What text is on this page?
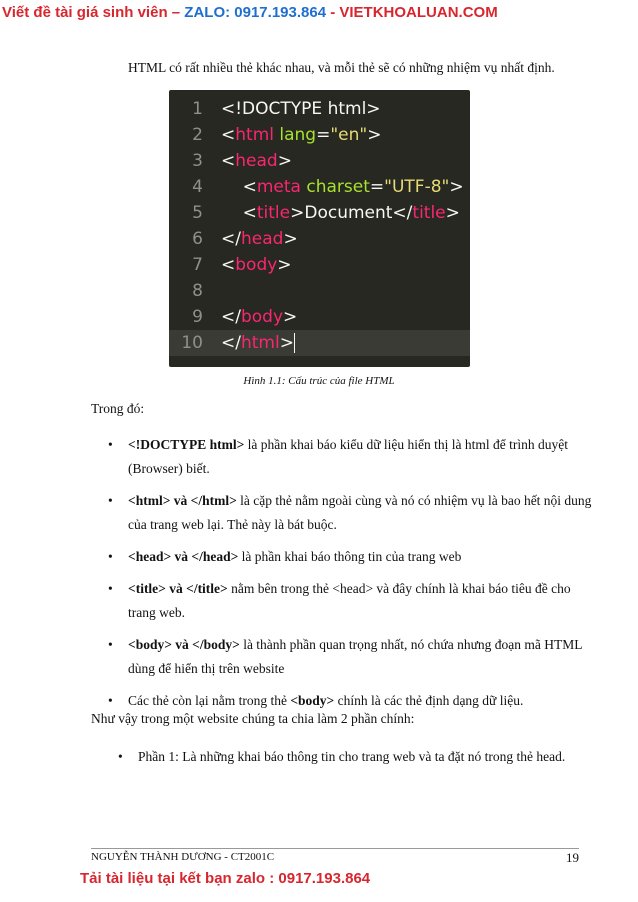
Viết đề tài giá sinh viên – ZALO: 0917.193.864 - VIETKHOALUAN.COM
HTML có rất nhiều thẻ khác nhau, và mỗi thẻ sẽ có những nhiệm vụ nhất định.
1 <!DOCTYPE html>
2 <html lang="en">
3 <head>
4 <meta charset="UTF-8">
5 <title>Document</title>
6 </head>
7 <body>
8
9 </body>
10 </html>
Hình 1.1: Cấu trúc của file HTML
Trong đó:
• <!DOCTYPE html> là phần khai báo kiểu dữ liệu hiển thị là html để trình duyệt (Browser) biết.
• <html> và </html> là cặp thẻ nằm ngoài cùng và nó có nhiệm vụ là bao hết nội dung của trang web lại. Thẻ này là bát buộc.
• <head> và </head> là phần khai báo thông tin của trang web
• <title> và </title> nằm bên trong thẻ <head> và đây chính là khai báo tiêu đề cho trang web.
• <body> và </body> là thành phần quan trọng nhất, nó chứa nhưng đoạn mã HTML dùng để hiển thị trên website
• Các thẻ còn lại nằm trong thẻ <body> chính là các thẻ định dạng dữ liệu.
Như vậy trong một website chúng ta chia làm 2 phần chính:
• Phần 1: Là những khai báo thông tin cho trang web và ta đặt nó trong thẻ head.
NGUYỄN THÀNH DƯƠNG - CT2001C	19
Tải tài liệu tại kết bạn zalo : 0917.193.864
